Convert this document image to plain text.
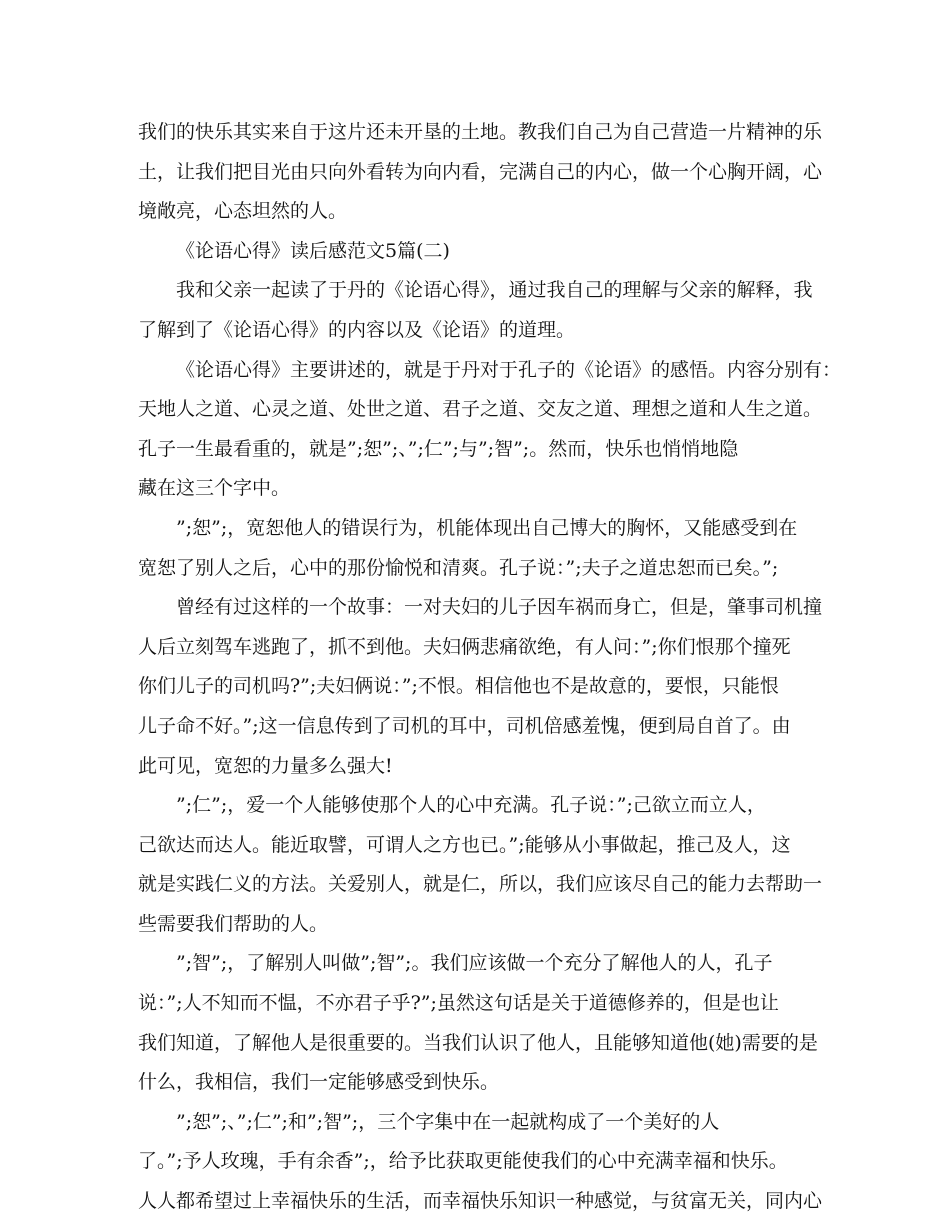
我们的快乐其实来自于这片还未开垦的土地。教我们自己为自己营造一片精神的乐
土，让我们把目光由只向外看转为向内看，完满自己的内心，做一个心胸开阔，心
境敞亮，心态坦然的人。
《论语心得》读后感范文5篇(二)
我和父亲一起读了于丹的《论语心得》，通过我自己的理解与父亲的解释，我
了解到了《论语心得》的内容以及《论语》的道理。
《论语心得》主要讲述的，就是于丹对于孔子的《论语》的感悟。内容分别有：
天地人之道、心灵之道、处世之道、君子之道、交友之道、理想之道和人生之道。
孔子一生最看重的，就是”;恕”;、”;仁”;与”;智”;。然而，快乐也悄悄地隐
藏在这三个字中。
”;恕”;，宽恕他人的错误行为，机能体现出自己博大的胸怀，又能感受到在
宽恕了别人之后，心中的那份愉悦和清爽。孔子说：”;夫子之道忠恕而已矣。”;
曾经有过这样的一个故事：一对夫妇的儿子因车祸而身亡，但是，肇事司机撞
人后立刻驾车逃跑了，抓不到他。夫妇俩悲痛欲绝，有人问：”;你们恨那个撞死
你们儿子的司机吗?”;夫妇俩说：”;不恨。相信他也不是故意的，要恨，只能恨
儿子命不好。”;这一信息传到了司机的耳中，司机倍感羞愧，便到局自首了。由
此可见，宽恕的力量多么强大!
”;仁”;，爱一个人能够使那个人的心中充满。孔子说：”;己欲立而立人，
己欲达而达人。能近取譬，可谓人之方也已。”;能够从小事做起，推己及人，这
就是实践仁义的方法。关爱别人，就是仁，所以，我们应该尽自己的能力去帮助一
些需要我们帮助的人。
”;智”;，了解别人叫做”;智”;。我们应该做一个充分了解他人的人，孔子
说：”;人不知而不愠，不亦君子乎?”;虽然这句话是关于道德修养的，但是也让
我们知道，了解他人是很重要的。当我们认识了他人，且能够知道他(她)需要的是
什么，我相信，我们一定能够感受到快乐。
”;恕”;、”;仁”;和”;智”;，三个字集中在一起就构成了一个美好的人
了。”;予人玫瑰，手有余香”;，给予比获取更能使我们的心中充满幸福和快乐。
人人都希望过上幸福快乐的生活，而幸福快乐知识一种感觉，与贫富无关，同内心
